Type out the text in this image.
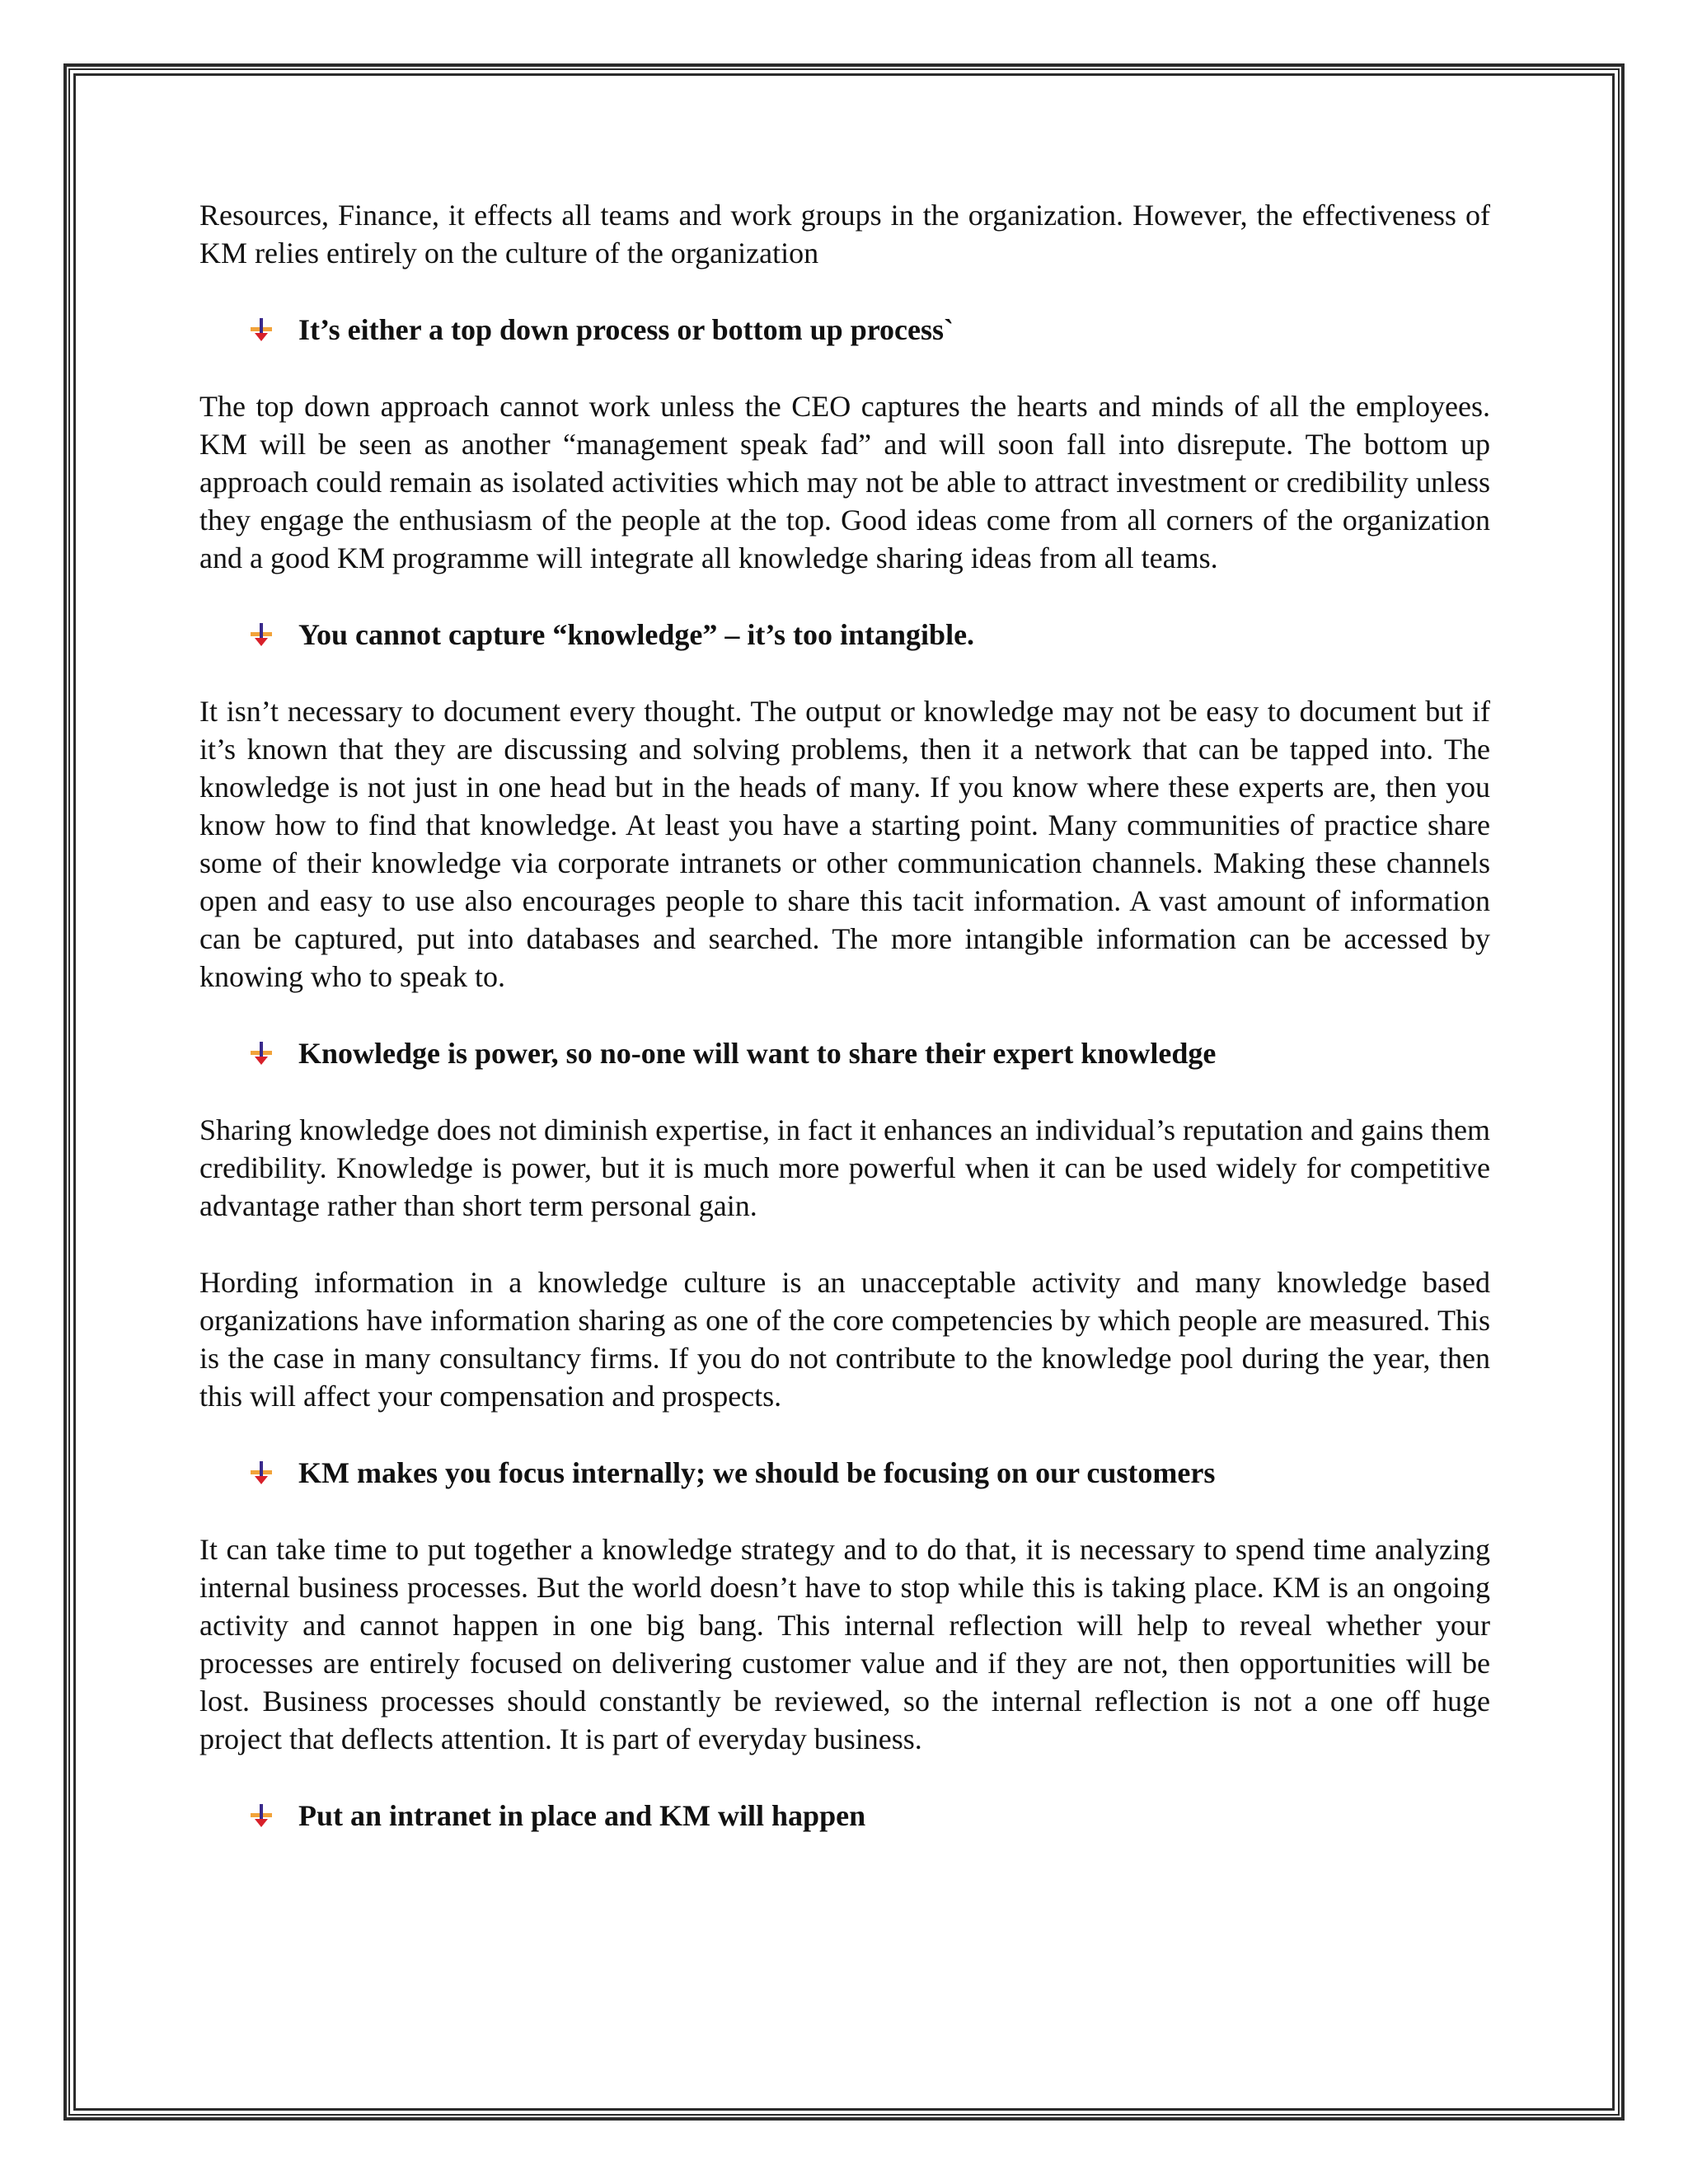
Resources, Finance, it effects all teams and work groups in the organization. However, the effectiveness of KM relies entirely on the culture of the organization

It’s either a top down process or bottom up process`

The top down approach cannot work unless the CEO captures the hearts and minds of all the employees. KM will be seen as another “management speak fad” and will soon fall into disrepute. The bottom up approach could remain as isolated activities which may not be able to attract investment or credibility unless they engage the enthusiasm of the people at the top. Good ideas come from all corners of the organization and a good KM programme will integrate all knowledge sharing ideas from all teams.

You cannot capture “knowledge” – it’s too intangible.

It isn’t necessary to document every thought. The output or knowledge may not be easy to document but if it’s known that they are discussing and solving problems, then it a network that can be tapped into. The knowledge is not just in one head but in the heads of many. If you know where these experts are, then you know how to find that knowledge. At least you have a starting point. Many communities of practice share some of their knowledge via corporate intranets or other communication channels. Making these channels open and easy to use also encourages people to share this tacit information. A vast amount of information can be captured, put into databases and searched. The more intangible information can be accessed by knowing who to speak to.

Knowledge is power, so no-one will want to share their expert knowledge

Sharing knowledge does not diminish expertise, in fact it enhances an individual’s reputation and gains them credibility. Knowledge is power, but it is much more powerful when it can be used widely for competitive advantage rather than short term personal gain.

Hording information in a knowledge culture is an unacceptable activity and many knowledge based organizations have information sharing as one of the core competencies by which people are measured. This is the case in many consultancy firms. If you do not contribute to the knowledge pool during the year, then this will affect your compensation and prospects.

KM makes you focus internally; we should be focusing on our customers

It can take time to put together a knowledge strategy and to do that, it is necessary to spend time analyzing internal business processes. But the world doesn’t have to stop while this is taking place. KM is an ongoing activity and cannot happen in one big bang. This internal reflection will help to reveal whether your processes are entirely focused on delivering customer value and if they are not, then opportunities will be lost. Business processes should constantly be reviewed, so the internal reflection is not a one off huge project that deflects attention. It is part of everyday business.

Put an intranet in place and KM will happen
